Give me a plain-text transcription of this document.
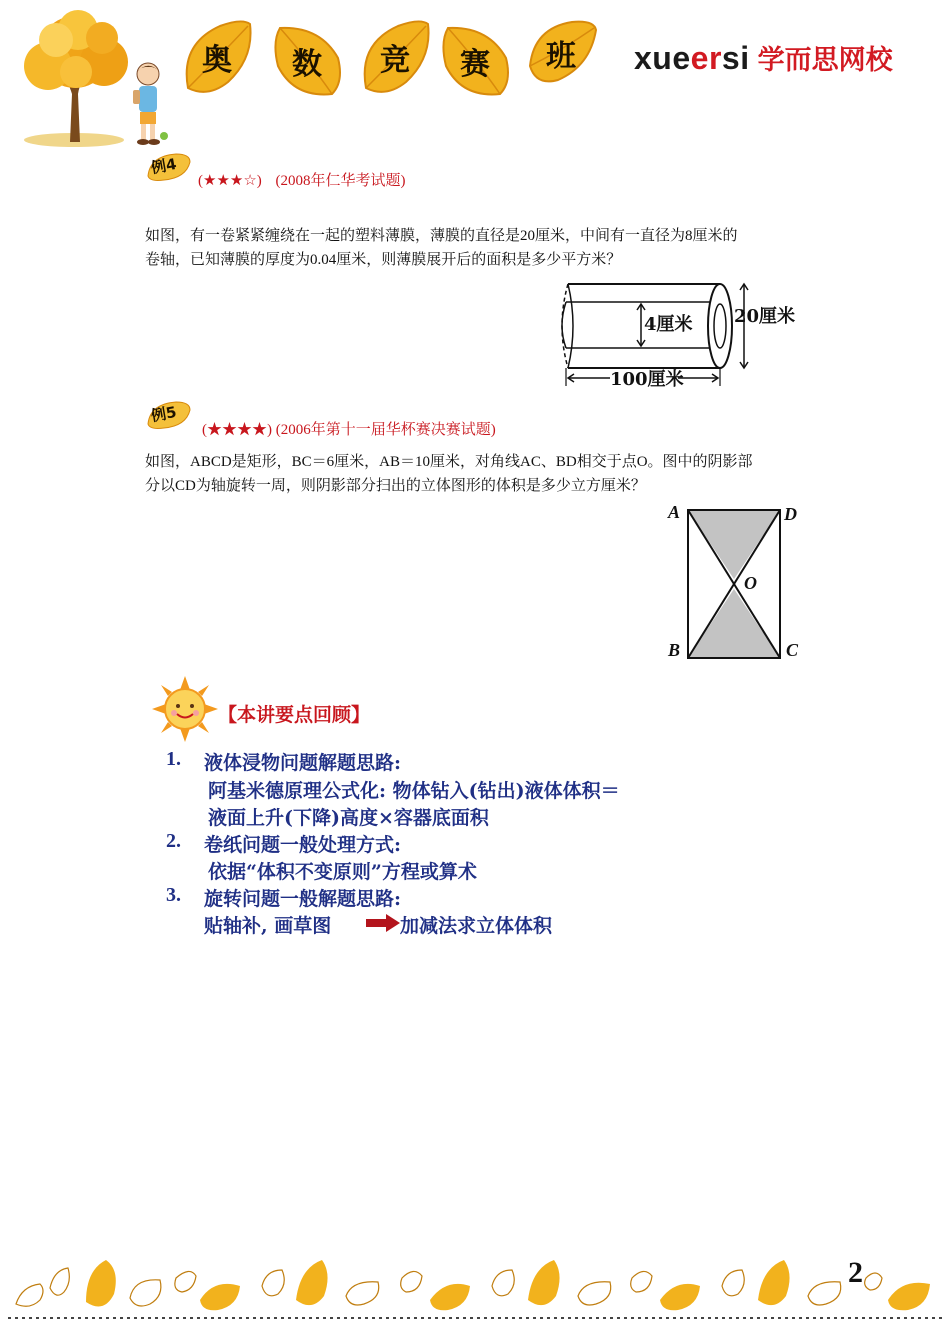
奥	数	竞	赛	班	xueersi 学而思网校
例4
(★★★☆) (2008年仁华考试题)
如图，有一卷紧紧缠绕在一起的塑料薄膜，薄膜的直径是20厘米，中间有一直径为8厘米的
卷轴，已知薄膜的厚度为0.04厘米，则薄膜展开后的面积是多少平方米？
4厘米 20厘米
100厘米
例5
(★★★★) (2006年第十一届华杯赛决赛试题)
如图，ABCD是矩形，BC＝6厘米，AB＝10厘米，对角线AC、BD相交于点O。图中的阴影部
分以CD为轴旋转一周，则阴影部分扫出的立体图形的体积是多少立方厘米？
A	D
O
B	C
【本讲要点回顾】
1. 液体浸物问题解题思路:
阿基米德原理公式化: 物体钻入(钻出)液体体积＝
液面上升(下降)高度×容器底面积
2. 卷纸问题一般处理方式:
依据“体积不变原则”方程或算术
3. 旋转问题一般解题思路:
贴轴补, 画草图	加减法求立体体积
2
